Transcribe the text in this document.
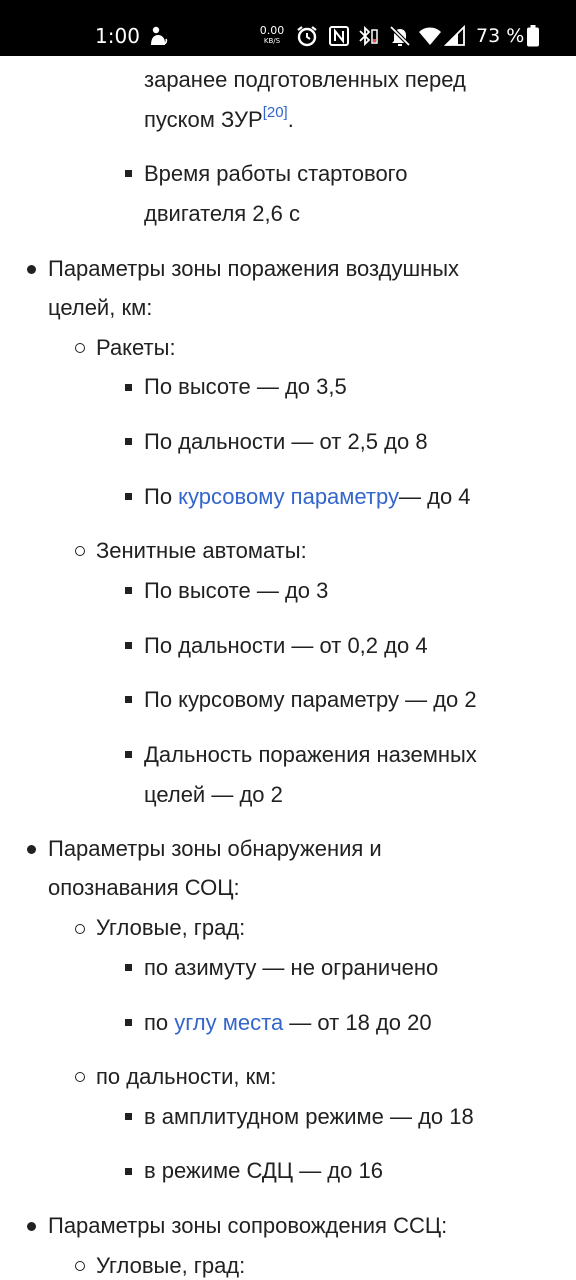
1:00	0.00
KB/S	73 %
заранее подготовленных перед
пуском ЗУР[20].
Время работы стартового
двигателя 2,6 с
Параметры зоны поражения воздушных
целей, км:
Ракеты:
По высоте — до 3,5
По дальности — от 2,5 до 8
По курсовому параметру— до 4
Зенитные автоматы:
По высоте — до 3
По дальности — от 0,2 до 4
По курсовому параметру — до 2
Дальность поражения наземных
целей — до 2
Параметры зоны обнаружения и
опознавания СОЦ:
Угловые, град:
по азимуту — не ограничено
по углу места — от 18 до 20
по дальности, км:
в амплитудном режиме — до 18
в режиме СДЦ — до 16
Параметры зоны сопровождения ССЦ:
Угловые, град:
